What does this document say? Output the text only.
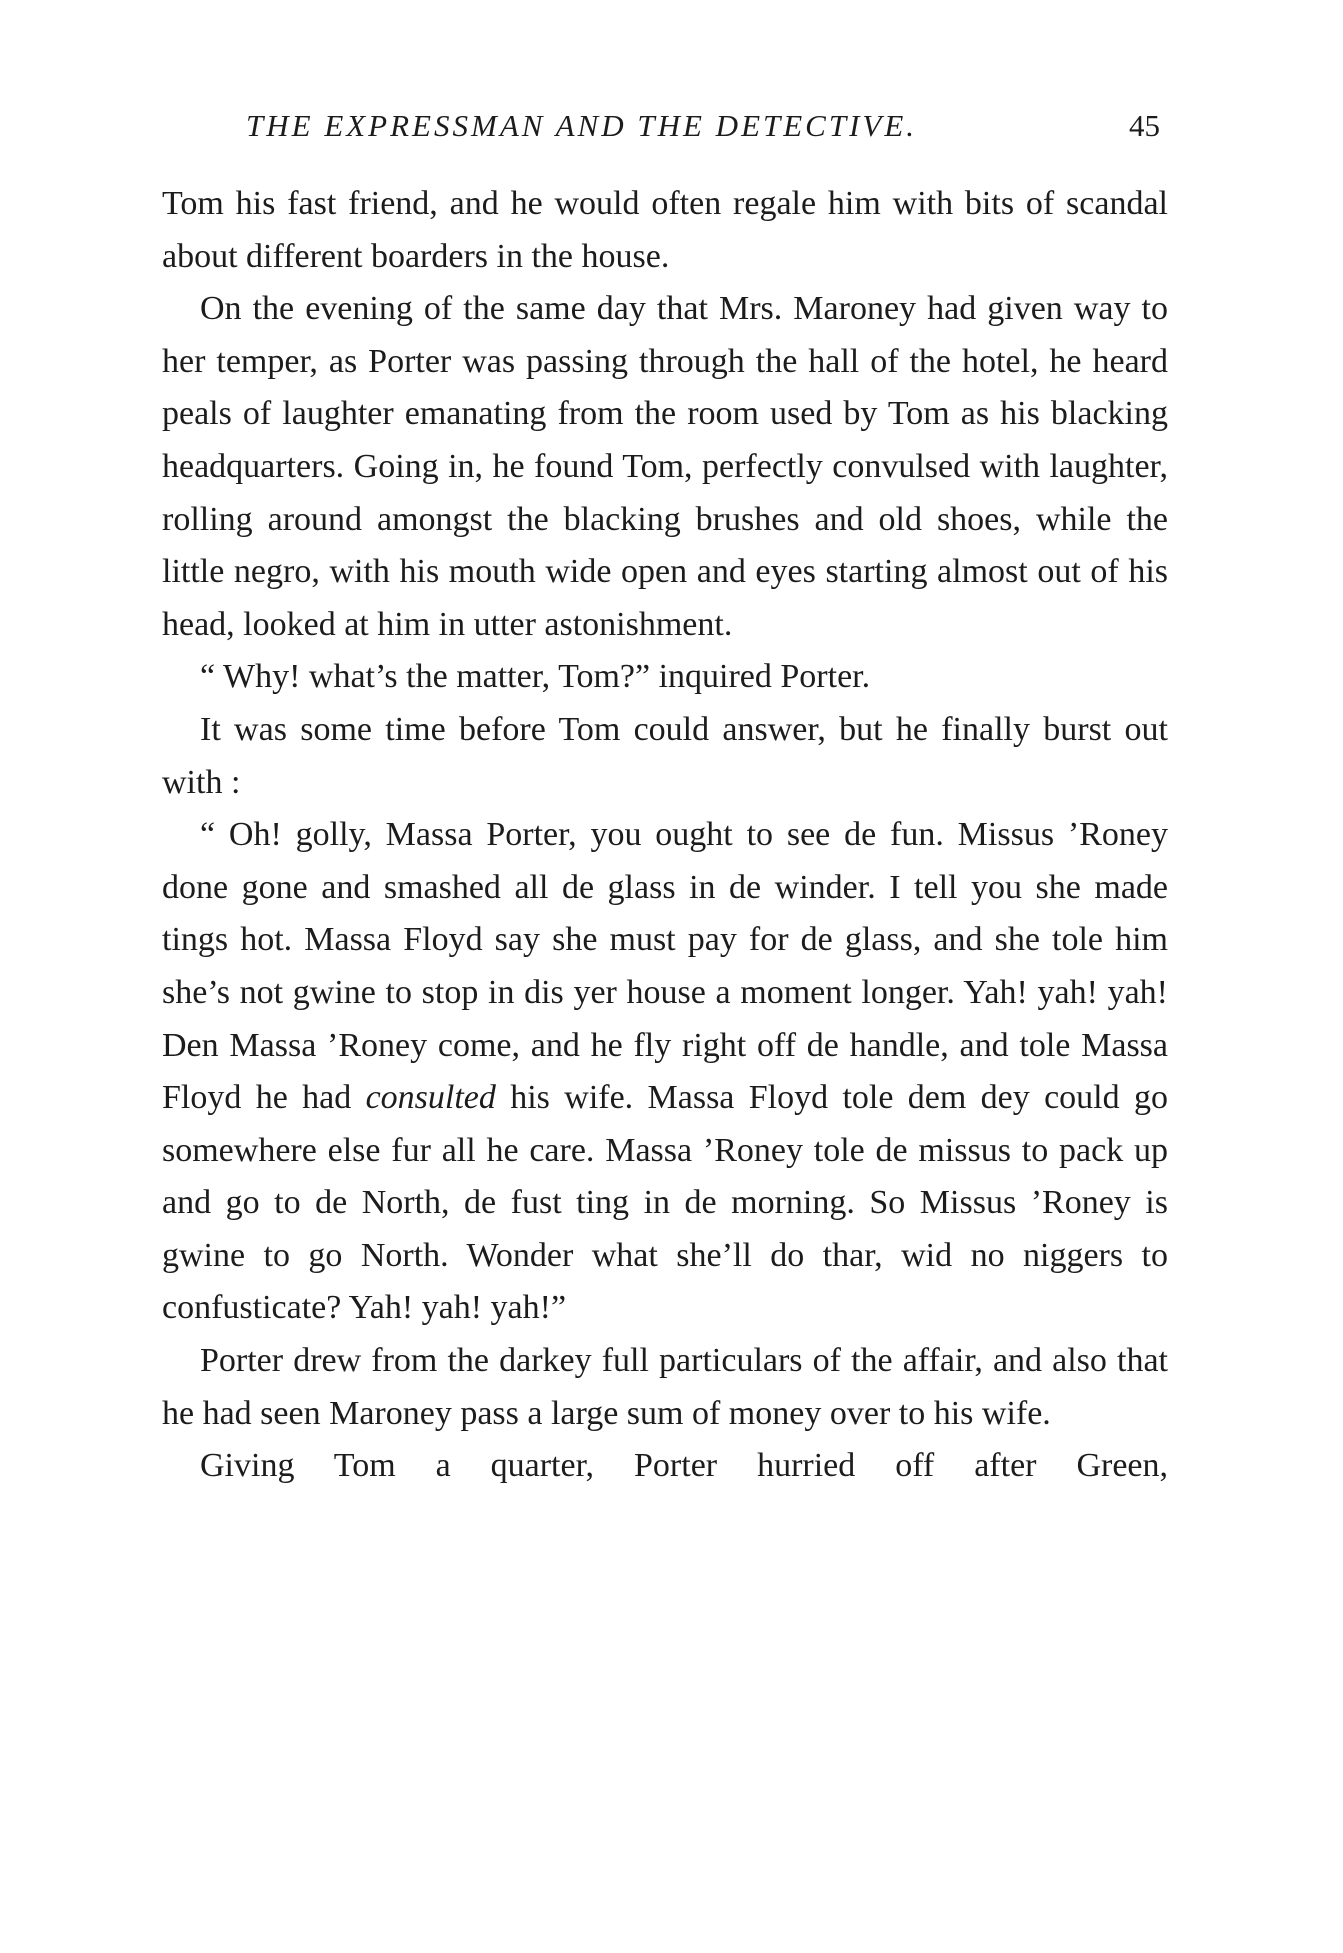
THE EXPRESSMAN AND THE DETECTIVE.	45

Tom his fast friend, and he would often regale him with bits of scandal about different boarders in the house.

On the evening of the same day that Mrs. Maroney had given way to her temper, as Porter was passing through the hall of the hotel, he heard peals of laughter emanating from the room used by Tom as his blacking headquarters. Going in, he found Tom, perfectly convulsed with laughter, rolling around amongst the blacking brushes and old shoes, while the little negro, with his mouth wide open and eyes starting almost out of his head, looked at him in utter astonishment.

“ Why! what’s the matter, Tom?” inquired Porter.

It was some time before Tom could answer, but he finally burst out with :

“ Oh! golly, Massa Porter, you ought to see de fun. Missus ’Roney done gone and smashed all de glass in de winder. I tell you she made tings hot. Massa Floyd say she must pay for de glass, and she tole him she’s not gwine to stop in dis yer house a moment longer. Yah! yah! yah! Den Massa ’Roney come, and he fly right off de handle, and tole Massa Floyd he had consulted his wife. Massa Floyd tole dem dey could go somewhere else fur all he care. Massa ’Roney tole de missus to pack up and go to de North, de fust ting in de morning. So Missus ’Roney is gwine to go North. Wonder what she’ll do thar, wid no niggers to confusticate? Yah! yah! yah!”

Porter drew from the darkey full particulars of the affair, and also that he had seen Maroney pass a large sum of money over to his wife.

Giving Tom a quarter, Porter hurried off after Green,
